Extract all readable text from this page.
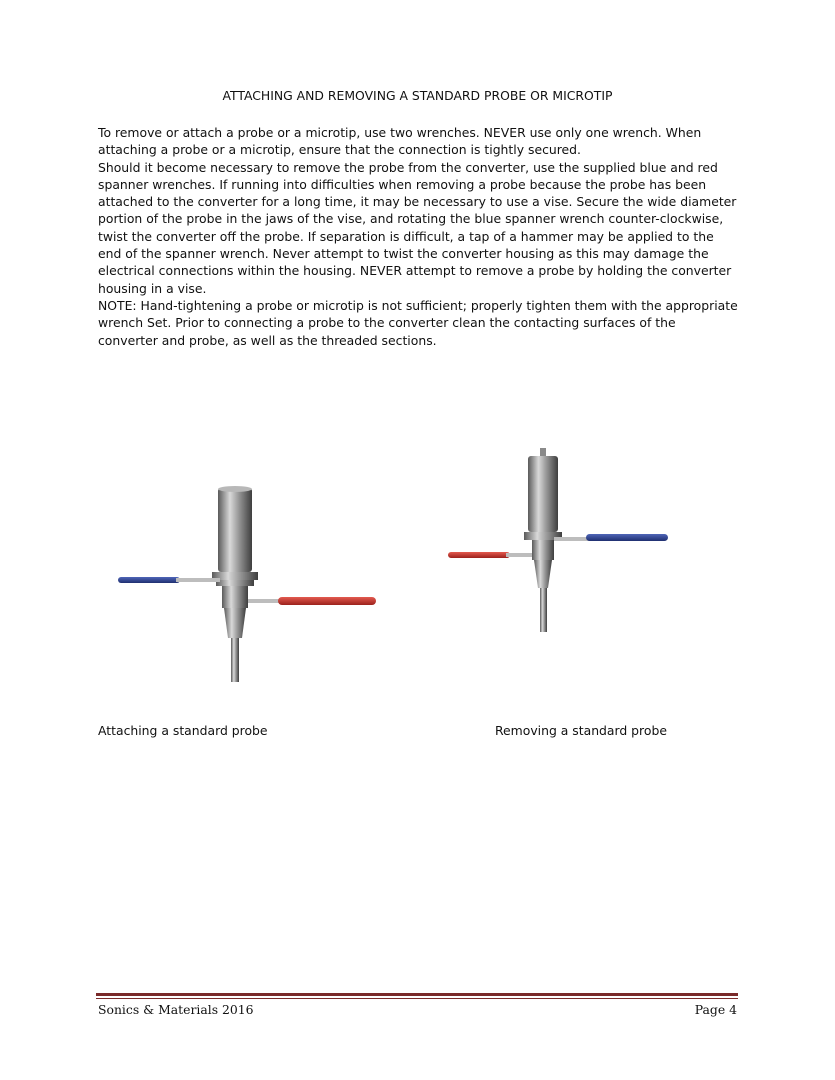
ATTACHING AND REMOVING A STANDARD PROBE OR MICROTIP

To remove or attach a probe or a microtip, use two wrenches. NEVER use only one wrench. When attaching a probe or a microtip, ensure that the connection is tightly secured.

Should it become necessary to remove the probe from the converter, use the supplied blue and red spanner wrenches. If running into difficulties when removing a probe because the probe has been attached to the converter for a long time, it may be necessary to use a vise. Secure the wide diameter portion of the probe in the jaws of the vise, and rotating the blue spanner wrench counter-clockwise, twist the converter off the probe. If separation is difficult, a tap of a hammer may be applied to the end of the spanner wrench. Never attempt to twist the converter housing as this may damage the electrical connections within the housing. NEVER attempt to remove a probe by holding the converter housing in a vise.

NOTE: Hand-tightening a probe or microtip is not sufficient; properly tighten them with the appropriate wrench Set. Prior to connecting a probe to the converter clean the contacting surfaces of the converter and probe, as well as the threaded sections.

Attaching a standard probe	Removing a standard probe
Sonics & Materials 2016	Page 4
